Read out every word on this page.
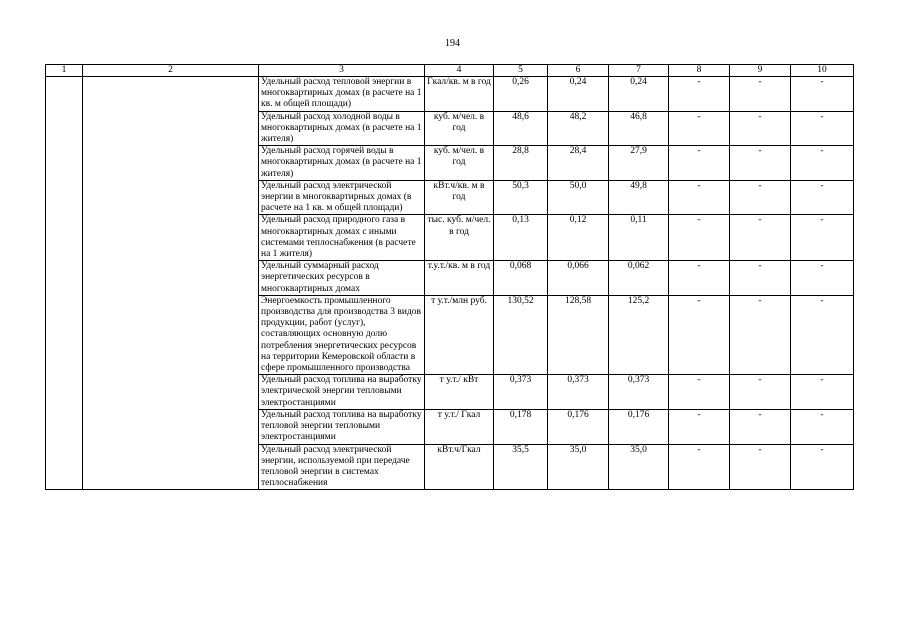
194
1	2	3	4	5	6	7	8	9	10
		Удельный расход тепловой энергии в многоквартирных домах (в расчете на 1 кв. м общей площади)	Гкал/кв. м в год	0,26	0,24	0,24	-	-	-
		Удельный расход холодной воды в многоквартирных домах (в расчете на 1 жителя)	куб. м/чел. в год	48,6	48,2	46,8	-	-	-
		Удельный расход горячей воды в многоквартирных домах (в расчете на 1 жителя)	куб. м/чел. в год	28,8	28,4	27,9	-	-	-
		Удельный расход электрической энергии в многоквартирных домах (в расчете на 1 кв. м общей площади)	кВт.ч/кв. м в год	50,3	50,0	49,8	-	-	-
		Удельный расход природного газа в многоквартирных домах с иными системами теплоснабжения (в расчете на 1 жителя)	тыс. куб. м/чел. в год	0,13	0,12	0,11	-	-	-
		Удельный суммарный расход энергетических ресурсов в многоквартирных домах	т.у.т./кв. м в год	0,068	0,066	0,062	-	-	-
		Энергоемкость промышленного производства для производства 3 видов продукции, работ (услуг), составляющих основную долю потребления энергетических ресурсов на территории Кемеровской области в сфере промышленного производства	т у.т./млн руб.	130,52	128,58	125,2	-	-	-
		Удельный расход топлива на выработку электрической энергии тепловыми электростанциями	т у.т./ кВт	0,373	0,373	0,373	-	-	-
		Удельный расход топлива на выработку тепловой энергии тепловыми электростанциями	т у.т./ Гкал	0,178	0,176	0,176	-	-	-
		Удельный расход электрической энергии, используемой при передаче тепловой энергии в системах теплоснабжения	кВт.ч/Гкал	35,5	35,0	35,0	-	-	-
